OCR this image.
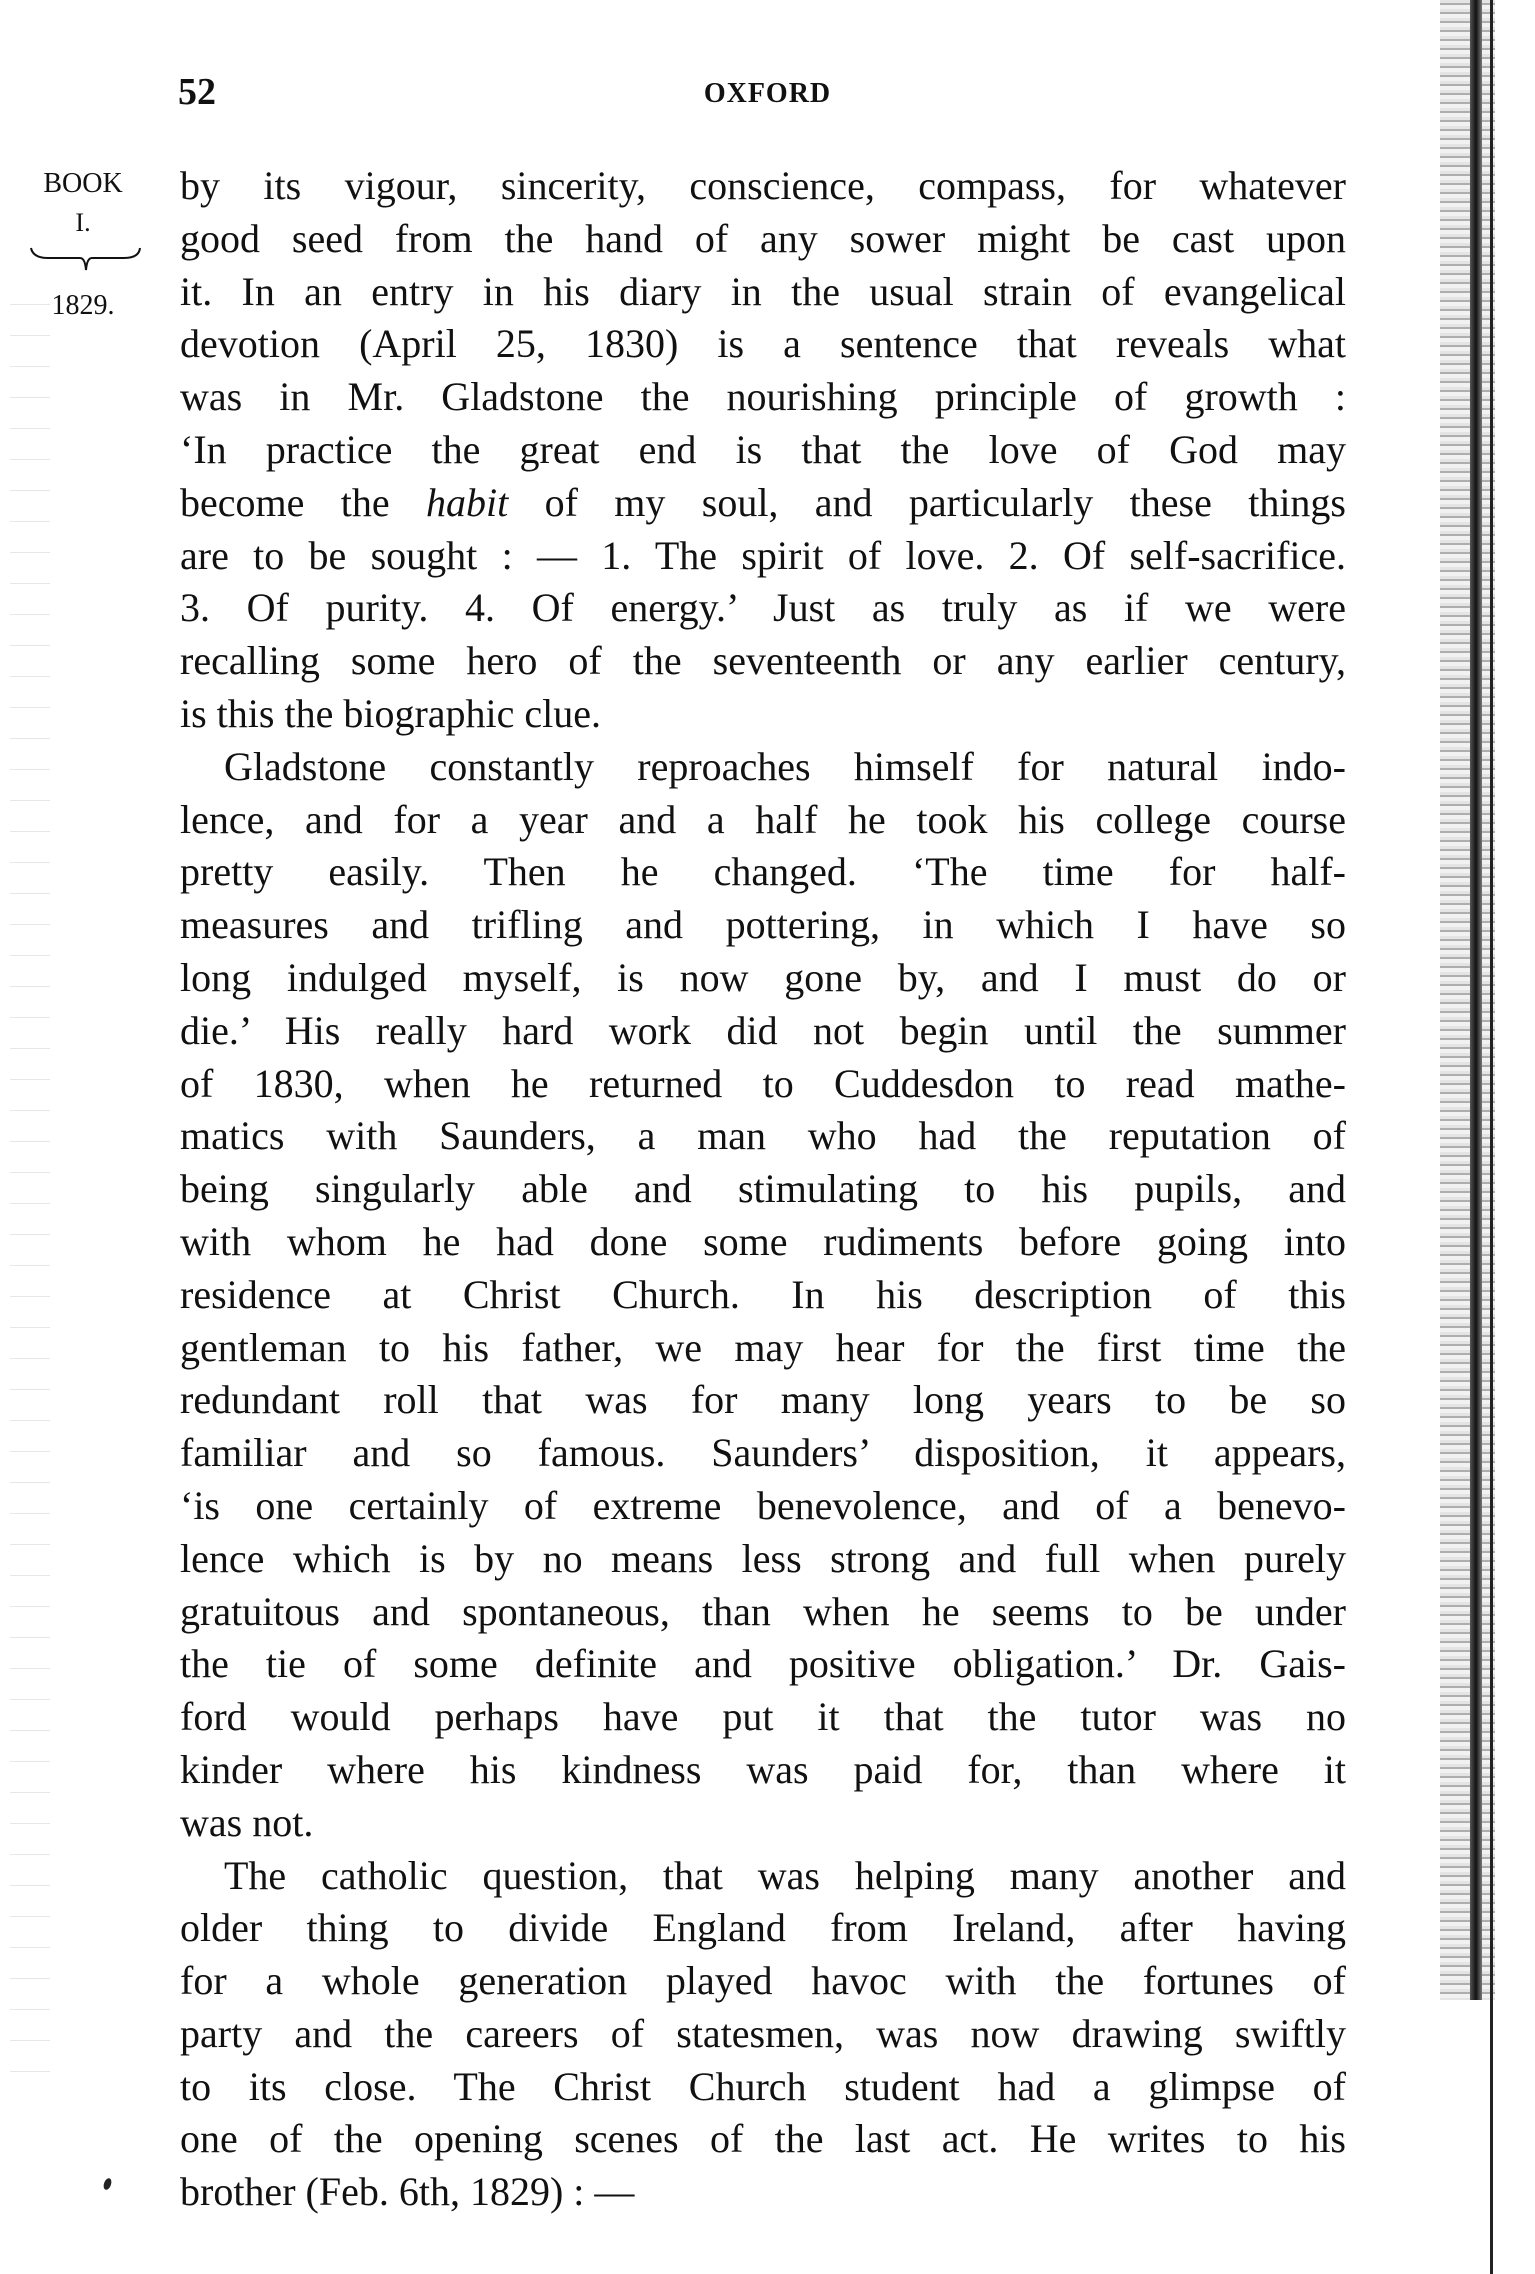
52	OXFORD
BOOK
I.
1829.
by its vigour, sincerity, conscience, compass, for whatever
good seed from the hand of any sower might be cast upon
it. In an entry in his diary in the usual strain of evangelical
devotion (April 25, 1830) is a sentence that reveals what
was in Mr. Gladstone the nourishing principle of growth :
‘In practice the great end is that the love of God may
become the habit of my soul, and particularly these things
are to be sought : — 1. The spirit of love. 2. Of self-sacrifice.
3. Of purity. 4. Of energy.’ Just as truly as if we were
recalling some hero of the seventeenth or any earlier century,
is this the biographic clue.
Gladstone constantly reproaches himself for natural indo-
lence, and for a year and a half he took his college course
pretty easily. Then he changed. ‘The time for half-
measures and trifling and pottering, in which I have so
long indulged myself, is now gone by, and I must do or
die.’ His really hard work did not begin until the summer
of 1830, when he returned to Cuddesdon to read mathe-
matics with Saunders, a man who had the reputation of
being singularly able and stimulating to his pupils, and
with whom he had done some rudiments before going into
residence at Christ Church. In his description of this
gentleman to his father, we may hear for the first time the
redundant roll that was for many long years to be so
familiar and so famous. Saunders’ disposition, it appears,
‘is one certainly of extreme benevolence, and of a benevo-
lence which is by no means less strong and full when purely
gratuitous and spontaneous, than when he seems to be under
the tie of some definite and positive obligation.’ Dr. Gais-
ford would perhaps have put it that the tutor was no
kinder where his kindness was paid for, than where it
was not.
The catholic question, that was helping many another and
older thing to divide England from Ireland, after having
for a whole generation played havoc with the fortunes of
party and the careers of statesmen, was now drawing swiftly
to its close. The Christ Church student had a glimpse of
one of the opening scenes of the last act. He writes to his
brother (Feb. 6th, 1829) : —
